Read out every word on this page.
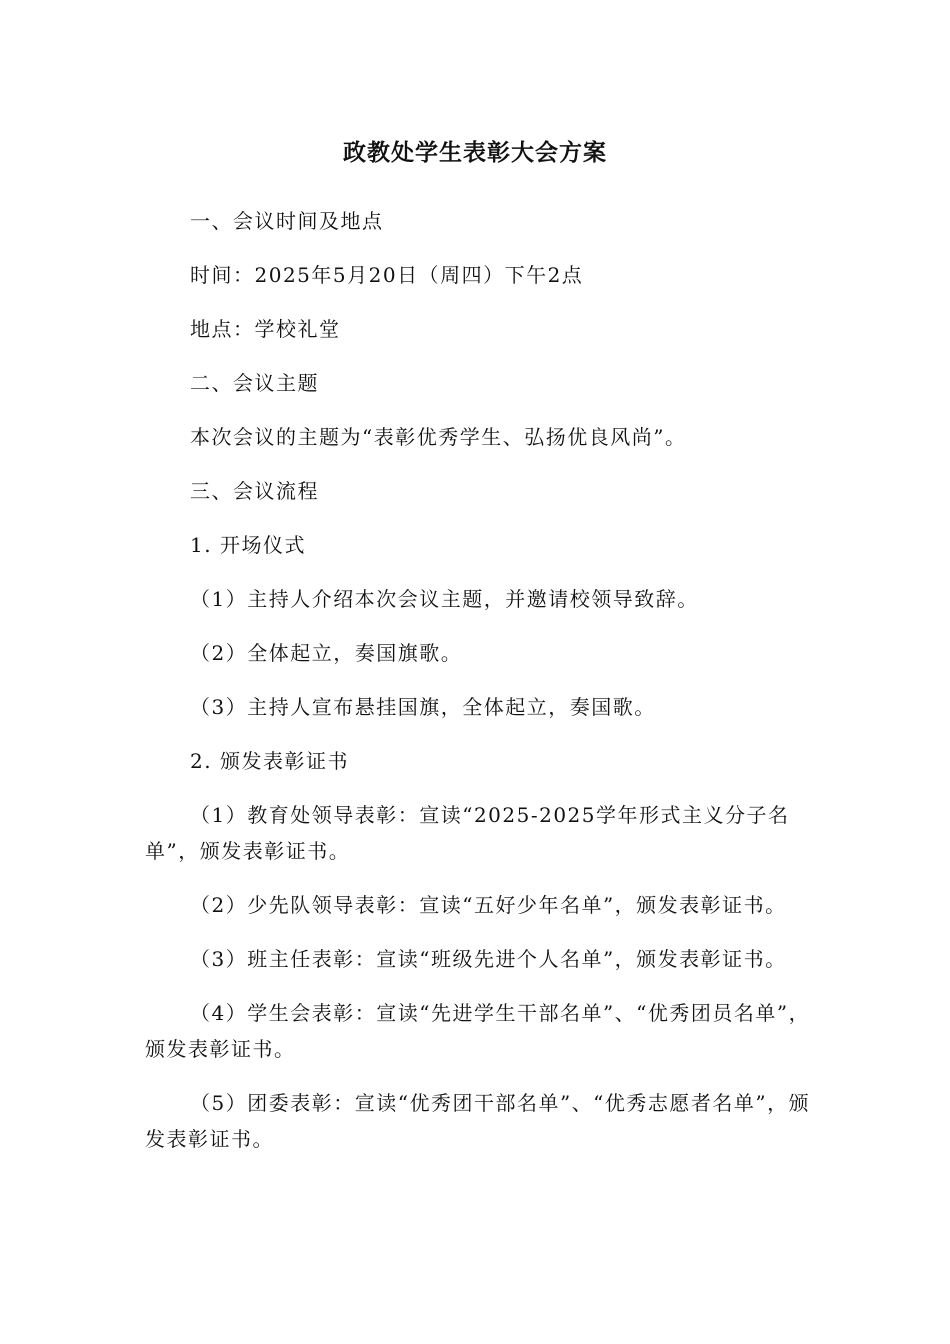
政教处学生表彰大会方案

一、会议时间及地点

时间：2025年5月20日（周四）下午2点

地点：学校礼堂

二、会议主题

本次会议的主题为“表彰优秀学生、弘扬优良风尚”。

三、会议流程

1. 开场仪式

（1）主持人介绍本次会议主题，并邀请校领导致辞。

（2）全体起立，奏国旗歌。

（3）主持人宣布悬挂国旗，全体起立，奏国歌。

2. 颁发表彰证书

（1）教育处领导表彰：宣读“2025-2025学年形式主义分子名单”，颁发表彰证书。

（2）少先队领导表彰：宣读“五好少年名单”，颁发表彰证书。

（3）班主任表彰：宣读“班级先进个人名单”，颁发表彰证书。

（4）学生会表彰：宣读“先进学生干部名单”、“优秀团员名单”，颁发表彰证书。

（5）团委表彰：宣读“优秀团干部名单”、“优秀志愿者名单”，颁发表彰证书。
